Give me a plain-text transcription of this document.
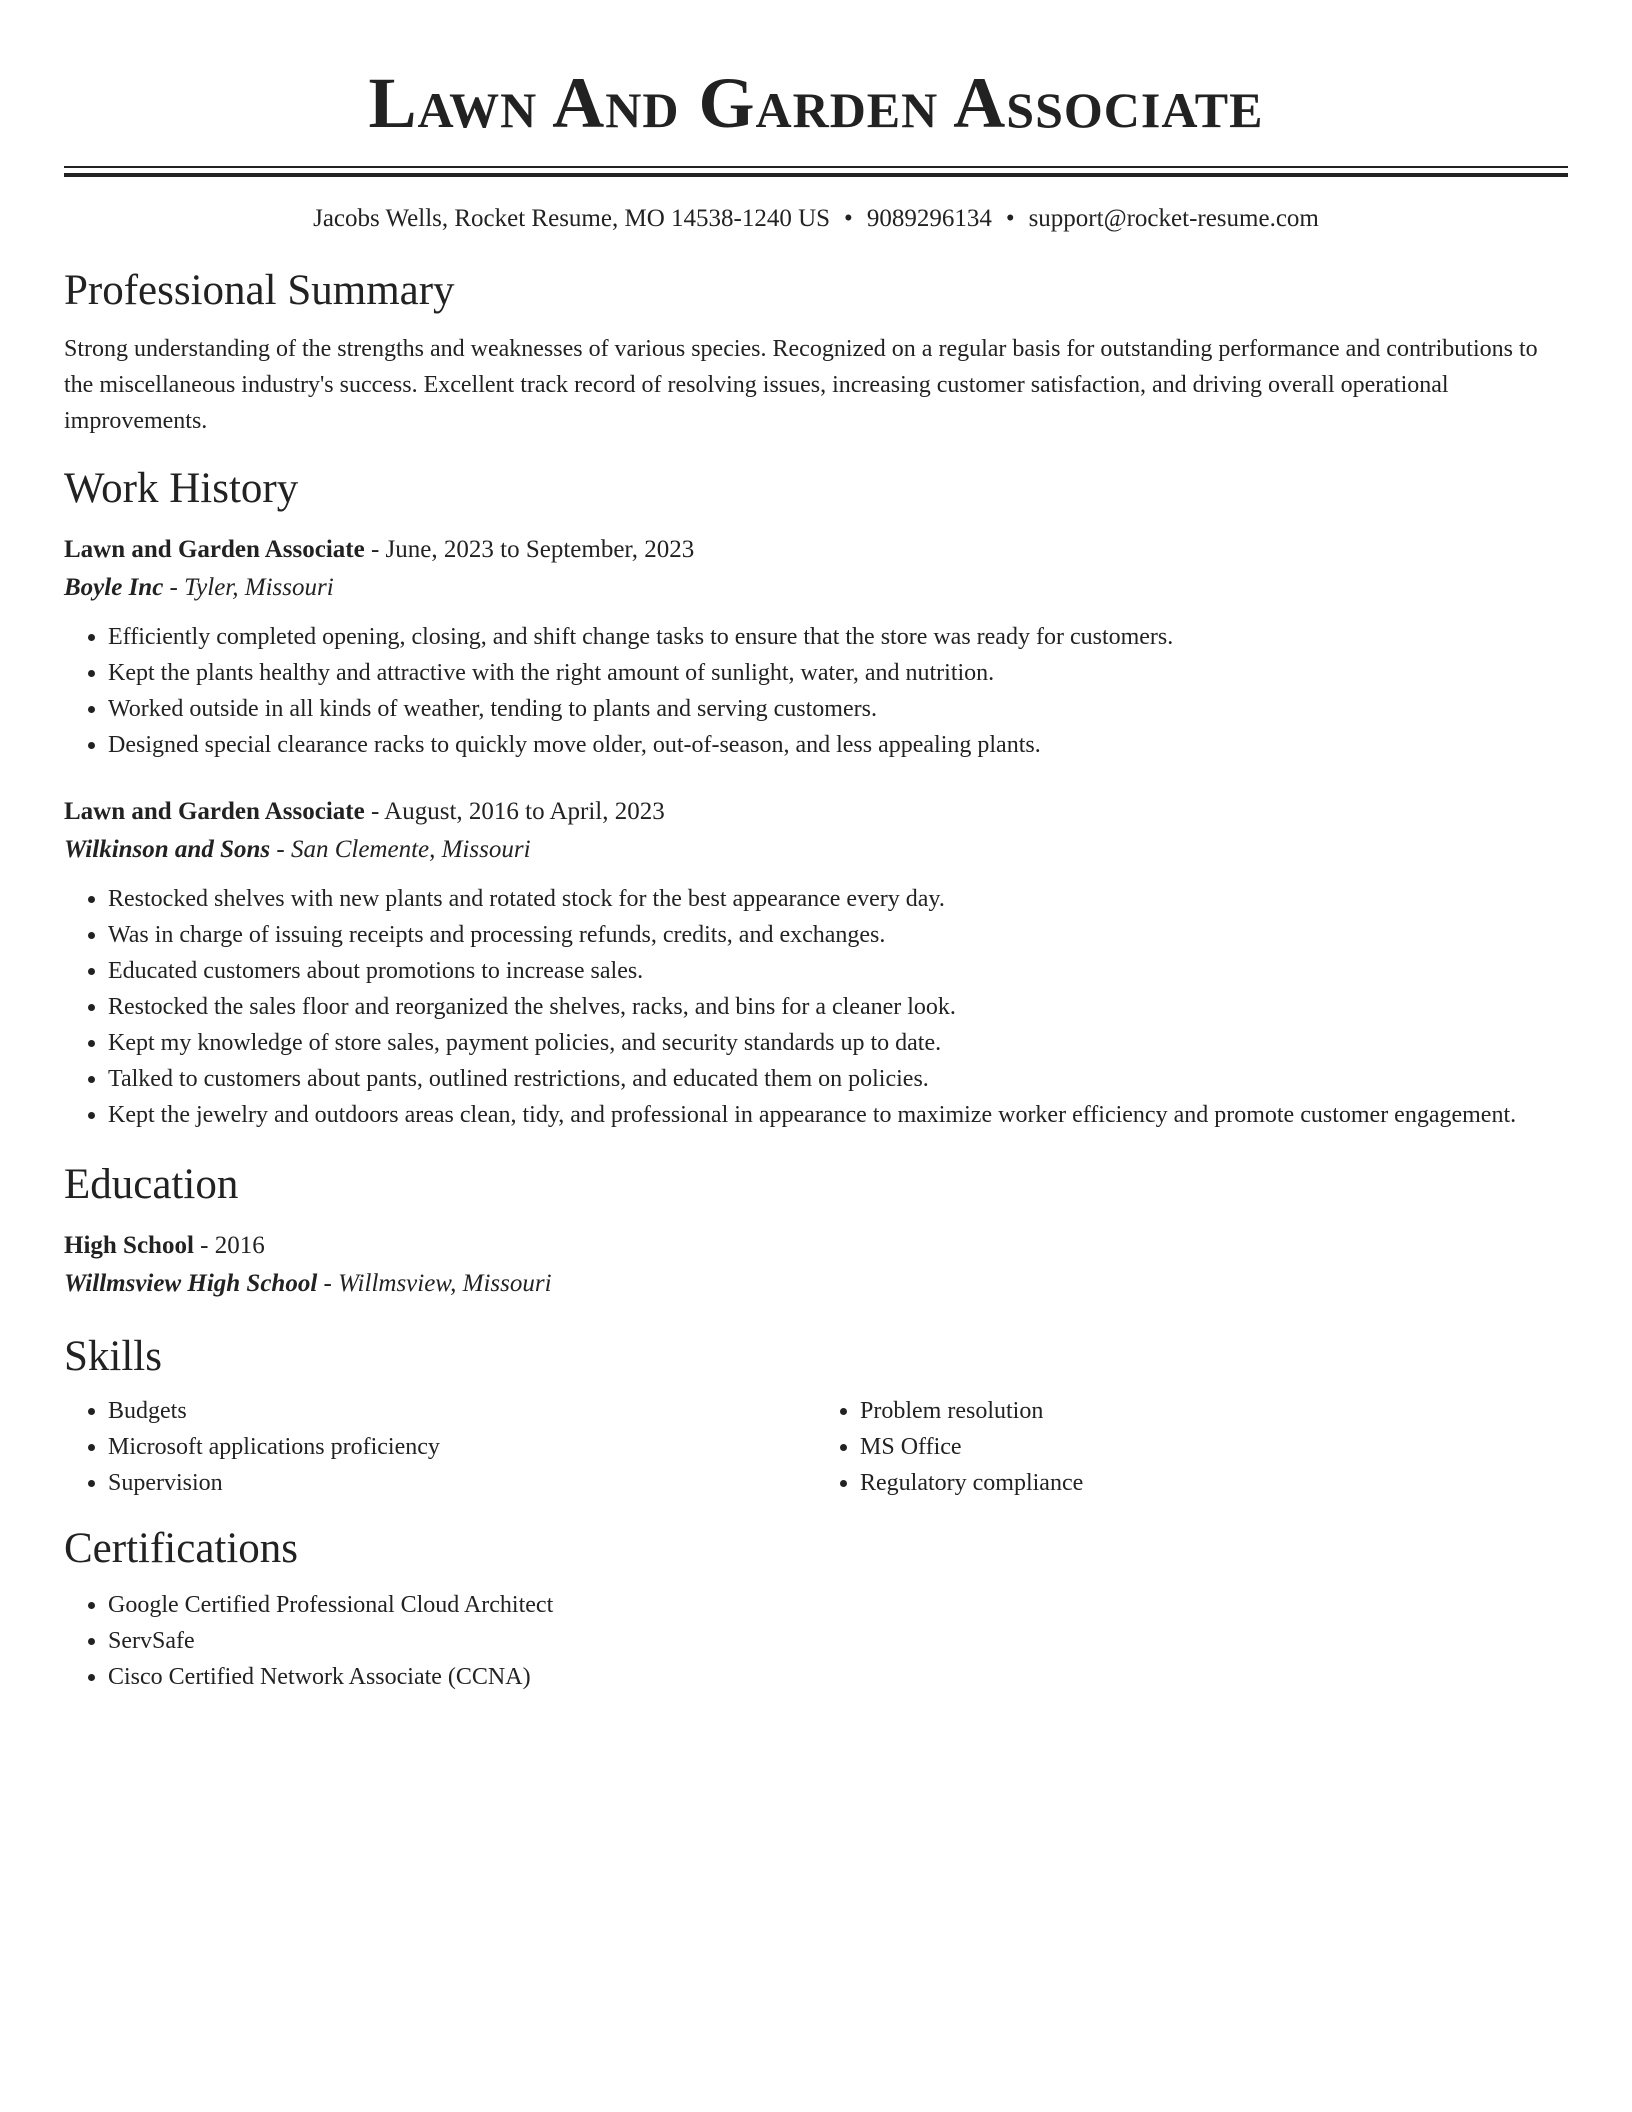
Lawn And Garden Associate
Jacobs Wells, Rocket Resume, MO 14538-1240 US • 9089296134 • support@rocket-resume.com
Professional Summary
Strong understanding of the strengths and weaknesses of various species. Recognized on a regular basis for outstanding performance and contributions to the miscellaneous industry's success. Excellent track record of resolving issues, increasing customer satisfaction, and driving overall operational improvements.
Work History
Lawn and Garden Associate - June, 2023 to September, 2023
Boyle Inc - Tyler, Missouri
• Efficiently completed opening, closing, and shift change tasks to ensure that the store was ready for customers.
• Kept the plants healthy and attractive with the right amount of sunlight, water, and nutrition.
• Worked outside in all kinds of weather, tending to plants and serving customers.
• Designed special clearance racks to quickly move older, out-of-season, and less appealing plants.
Lawn and Garden Associate - August, 2016 to April, 2023
Wilkinson and Sons - San Clemente, Missouri
• Restocked shelves with new plants and rotated stock for the best appearance every day.
• Was in charge of issuing receipts and processing refunds, credits, and exchanges.
• Educated customers about promotions to increase sales.
• Restocked the sales floor and reorganized the shelves, racks, and bins for a cleaner look.
• Kept my knowledge of store sales, payment policies, and security standards up to date.
• Talked to customers about pants, outlined restrictions, and educated them on policies.
• Kept the jewelry and outdoors areas clean, tidy, and professional in appearance to maximize worker efficiency and promote customer engagement.
Education
High School - 2016
Willmsview High School - Willmsview, Missouri
Skills
• Budgets
• Microsoft applications proficiency
• Supervision
• Problem resolution
• MS Office
• Regulatory compliance
Certifications
• Google Certified Professional Cloud Architect
• ServSafe
• Cisco Certified Network Associate (CCNA)
